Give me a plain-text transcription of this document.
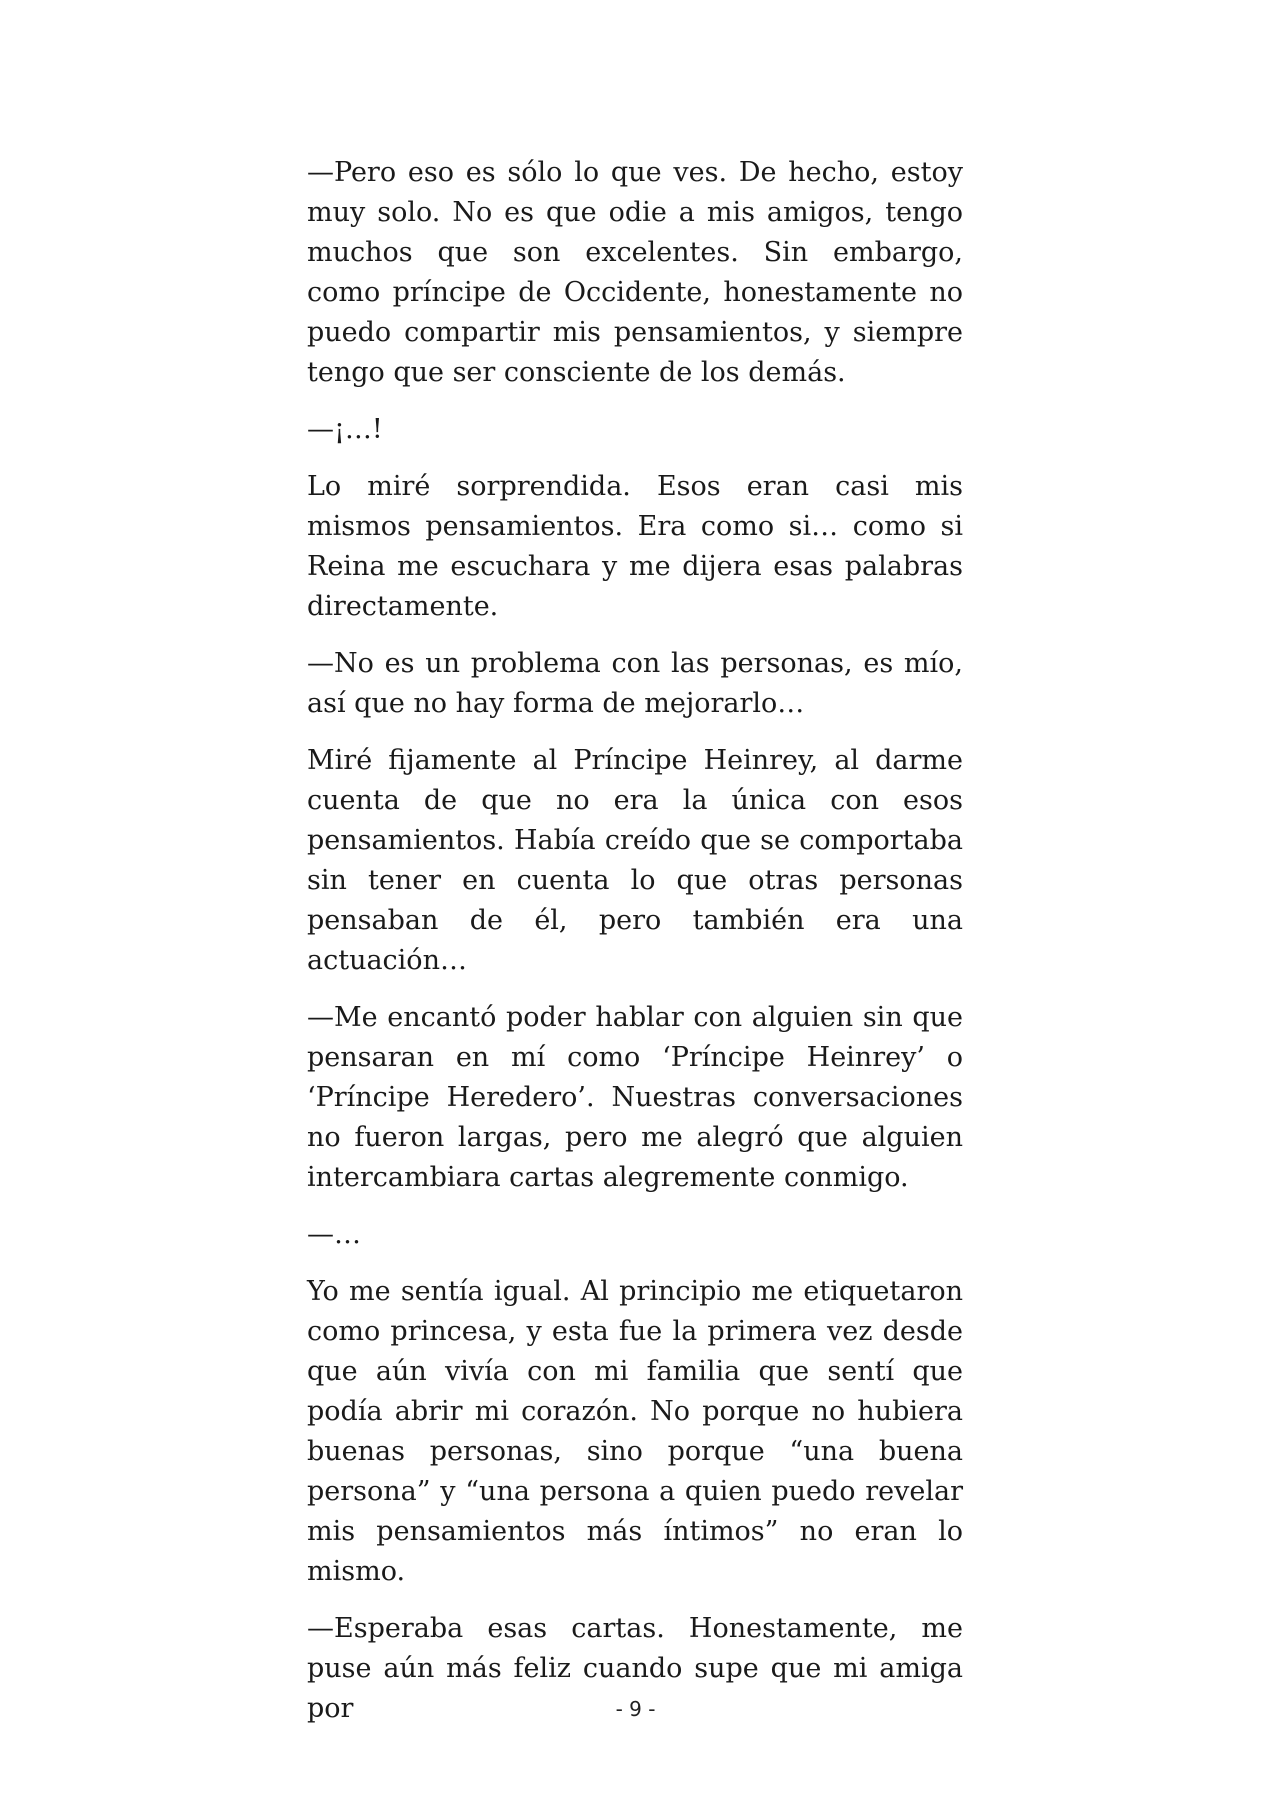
—Pero eso es sólo lo que ves. De hecho, estoy muy solo. No es que odie a mis amigos, tengo muchos que son excelentes. Sin embargo, como príncipe de Occidente, honestamente no puedo compartir mis pensamientos, y siempre tengo que ser consciente de los demás.

—¡…!

Lo miré sorprendida. Esos eran casi mis mismos pensamientos. Era como si… como si Reina me escuchara y me dijera esas palabras directamente.

—No es un problema con las personas, es mío, así que no hay forma de mejorarlo…

Miré fijamente al Príncipe Heinrey, al darme cuenta de que no era la única con esos pensamientos. Había creído que se comportaba sin tener en cuenta lo que otras personas pensaban de él, pero también era una actuación…

—Me encantó poder hablar con alguien sin que pensaran en mí como ‘Príncipe Heinrey’ o ‘Príncipe Heredero’. Nuestras conversaciones no fueron largas, pero me alegró que alguien intercambiara cartas alegremente conmigo.

—…

Yo me sentía igual. Al principio me etiquetaron como princesa, y esta fue la primera vez desde que aún vivía con mi familia que sentí que podía abrir mi corazón. No porque no hubiera buenas personas, sino porque “una buena persona” y “una persona a quien puedo revelar mis pensamientos más íntimos” no eran lo mismo.

—Esperaba esas cartas. Honestamente, me puse aún más feliz cuando supe que mi amiga por	- 9 -
